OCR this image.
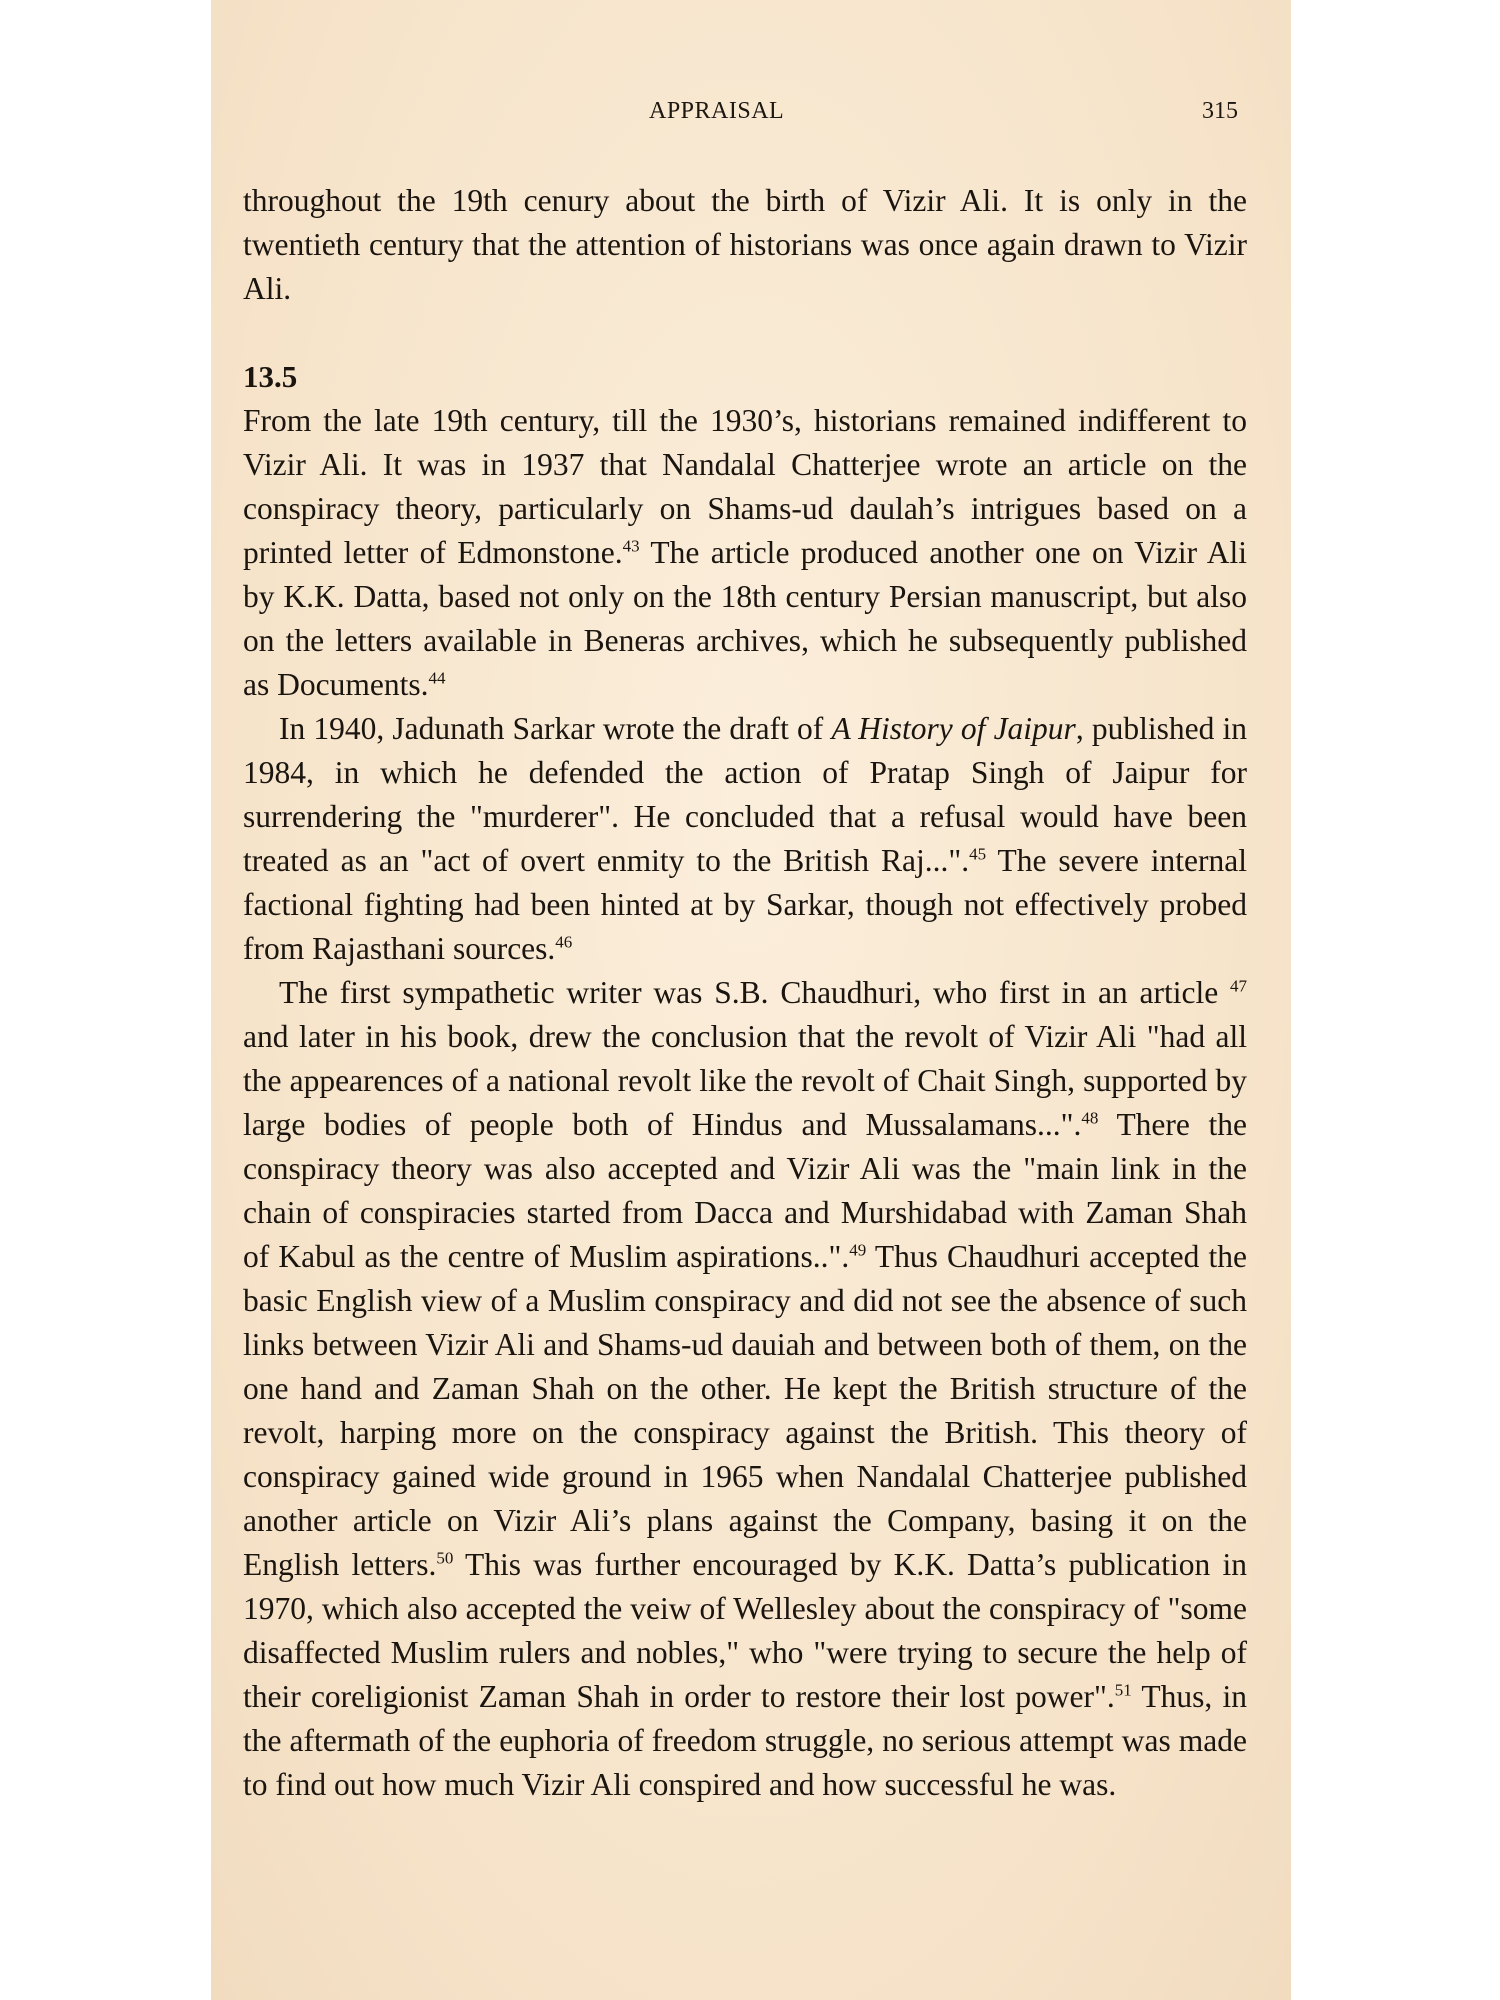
APPRAISAL	315

throughout the 19th cenury about the birth of Vizir Ali. It is only in the twentieth century that the attention of historians was once again drawn to Vizir Ali.

13.5

From the late 19th century, till the 1930’s, historians remained indifferent to Vizir Ali. It was in 1937 that Nandalal Chatterjee wrote an article on the conspiracy theory, particularly on Shams-ud daulah’s intrigues based on a printed letter of Edmonstone.$^{43}$ The article produced another one on Vizir Ali by K.K. Datta, based not only on the 18th century Persian manuscript, but also on the letters available in Beneras archives, which he subsequently published as Documents.$^{44}$

In 1940, Jadunath Sarkar wrote the draft of A History of Jaipur, published in 1984, in which he defended the action of Pratap Singh of Jaipur for surrendering the "murderer". He concluded that a refusal would have been treated as an "act of overt enmity to the British Raj...".$^{45}$ The severe internal factional fighting had been hinted at by Sarkar, though not effectively probed from Rajasthani sources.$^{46}$

The first sympathetic writer was S.B. Chaudhuri, who first in an article $^{47}$ and later in his book, drew the conclusion that the revolt of Vizir Ali "had all the appearences of a national revolt like the revolt of Chait Singh, supported by large bodies of people both of Hindus and Mussalamans...".$^{48}$ There the conspiracy theory was also accepted and Vizir Ali was the "main link in the chain of conspiracies started from Dacca and Murshidabad with Zaman Shah of Kabul as the centre of Muslim aspirations..".$^{49}$ Thus Chaudhuri accepted the basic English view of a Muslim conspiracy and did not see the absence of such links between Vizir Ali and Shams-ud dauiah and between both of them, on the one hand and Zaman Shah on the other. He kept the British structure of the revolt, harping more on the conspiracy against the British. This theory of conspiracy gained wide ground in 1965 when Nandalal Chatterjee published another article on Vizir Ali’s plans against the Company, basing it on the English letters.$^{50}$ This was further encouraged by K.K. Datta’s publication in 1970, which also accepted the veiw of Wellesley about the conspiracy of "some disaffected Muslim rulers and nobles," who "were trying to secure the help of their coreligionist Zaman Shah in order to restore their lost power".$^{51}$ Thus, in the aftermath of the euphoria of freedom struggle, no serious attempt was made to find out how much Vizir Ali conspired and how successful he was.
